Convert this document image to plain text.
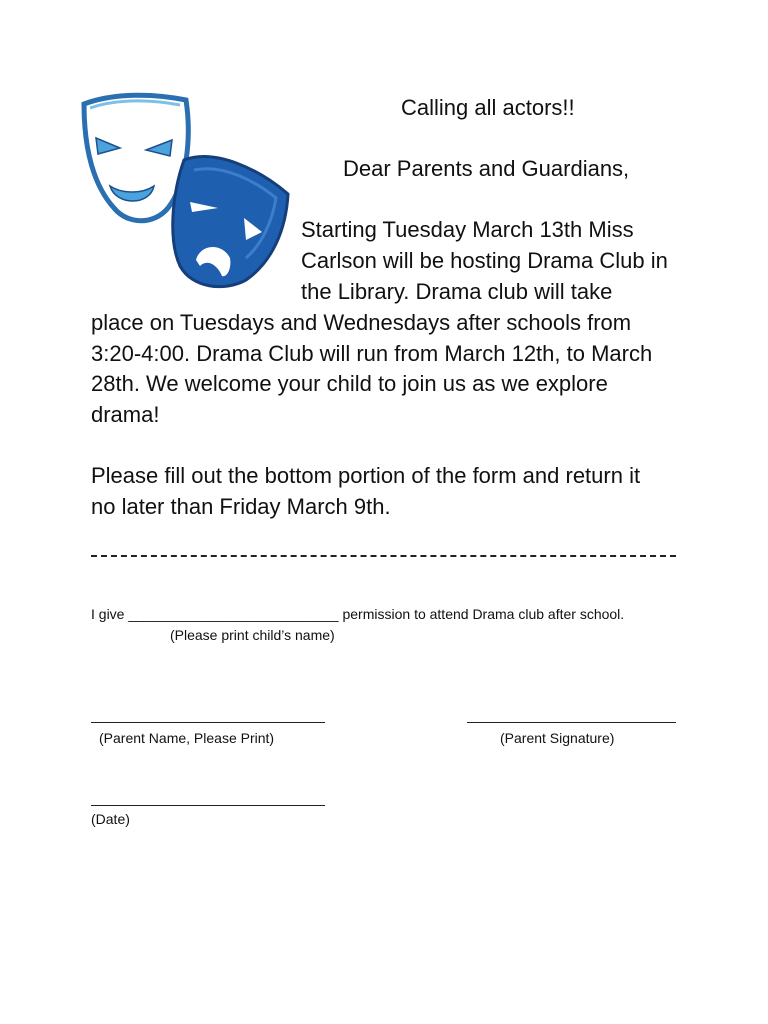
Calling all actors!!
Dear Parents and Guardians,
Starting Tuesday March 13th Miss
Carlson will be hosting Drama Club in
the Library. Drama club will take
place on Tuesdays and Wednesdays after schools from
3:20-4:00. Drama Club will run from March 12th, to March
28th. We welcome your child to join us as we explore
drama!
Please fill out the bottom portion of the form and return it
no later than Friday March 9th.
I give ___________________________ permission to attend Drama club after school.
(Please print child’s name)
(Parent Name, Please Print)	(Parent Signature)
(Date)
